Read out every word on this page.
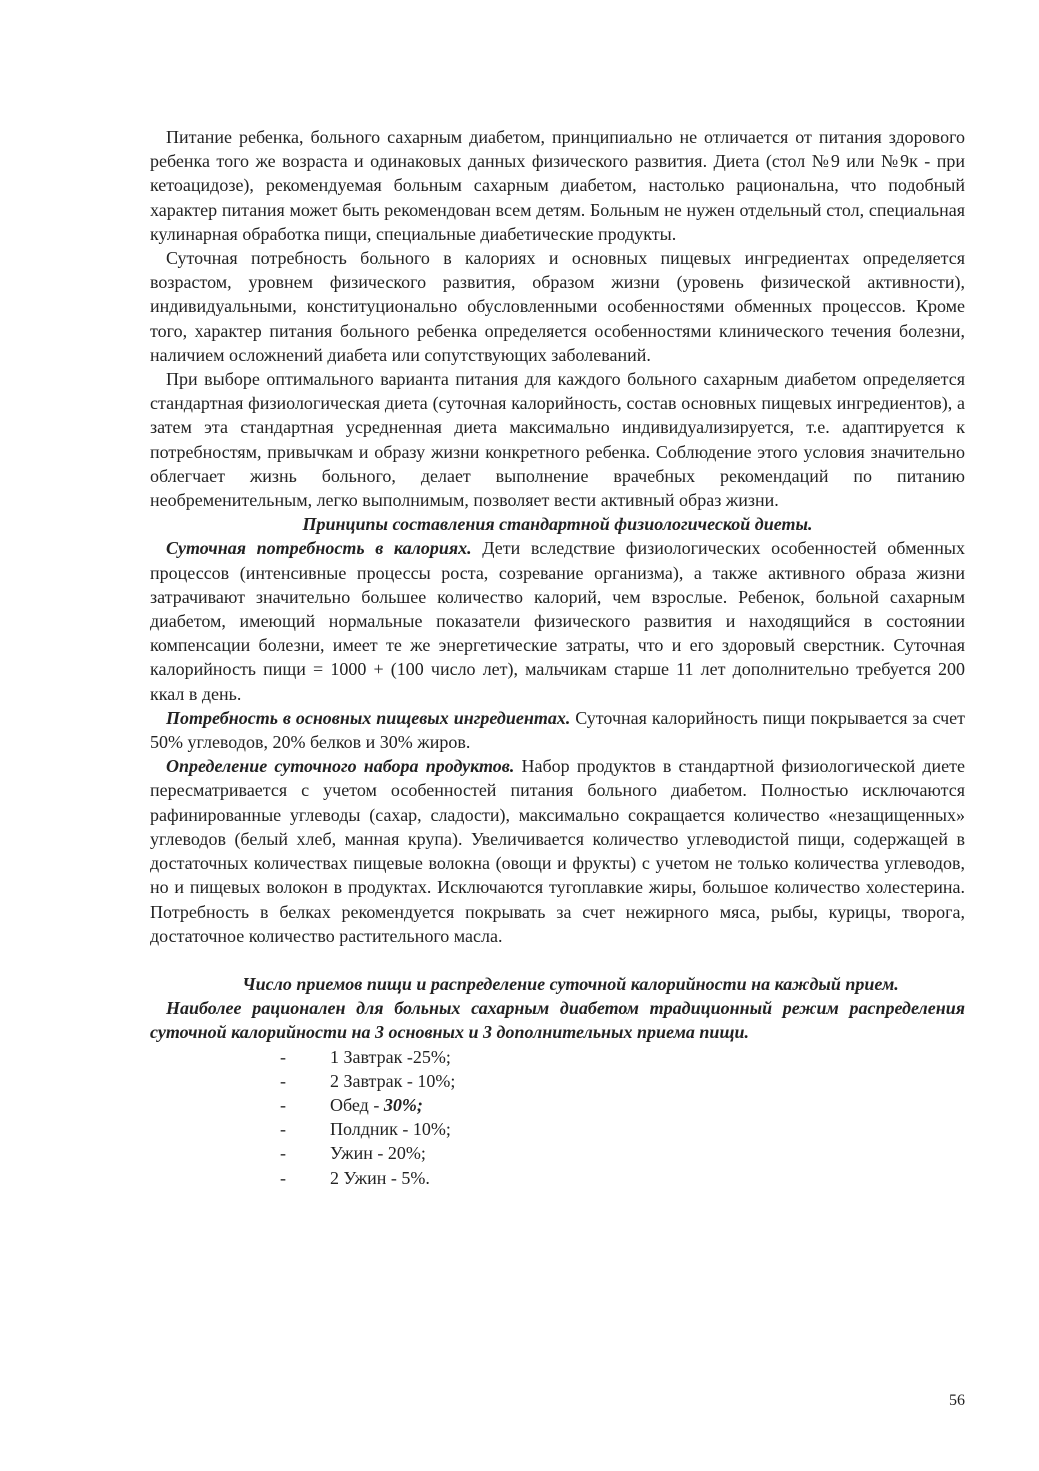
Питание ребенка, больного сахарным диабетом, принципиально не отличается от питания здорового ребенка того же возраста и одинаковых данных физического развития. Диета (стол №9 или №9к - при кетоацидозе), рекомендуемая больным сахарным диабетом, настолько рациональна, что подобный характер питания может быть рекомендован всем детям. Больным не нужен отдельный стол, специальная кулинарная обработка пищи, специальные диабетические продукты.

Суточная потребность больного в калориях и основных пищевых ингредиентах определяется возрастом, уровнем физического развития, образом жизни (уровень физической активности), индивидуальными, конституционально обусловленными особенностями обменных процессов. Кроме того, характер питания больного ребенка определяется особенностями клинического течения болезни, наличием осложнений диабета или сопутствующих заболеваний.

При выборе оптимального варианта питания для каждого больного сахарным диабетом определяется стандартная физиологическая диета (суточная калорийность, состав основных пищевых ингредиентов), а затем эта стандартная усредненная диета максимально индивидуализируется, т.е. адаптируется к потребностям, привычкам и образу жизни конкретного ребенка. Соблюдение этого условия значительно облегчает жизнь больного, делает выполнение врачебных рекомендаций по питанию необременительным, легко выполнимым, позволяет вести активный образ жизни.

Принципы составления стандартной физиологической диеты.

Суточная потребность в калориях. Дети вследствие физиологических особенностей обменных процессов (интенсивные процессы роста, созревание организма), а также активного образа жизни затрачивают значительно большее количество калорий, чем взрослые. Ребенок, больной сахарным диабетом, имеющий нормальные показатели физического развития и находящийся в состоянии компенсации болезни, имеет те же энергетические затраты, что и его здоровый сверстник. Суточная калорийность пищи = 1000 + (100 число лет), мальчикам старше 11 лет дополнительно требуется 200 ккал в день.

Потребность в основных пищевых ингредиентах. Суточная калорийность пищи покрывается за счет 50% углеводов, 20% белков и 30% жиров.

Определение суточного набора продуктов. Набор продуктов в стандартной физиологической диете пересматривается с учетом особенностей питания больного диабетом. Полностью исключаются рафинированные углеводы (сахар, сладости), максимально сокращается количество «незащищенных» углеводов (белый хлеб, манная крупа). Увеличивается количество углеводистой пищи, содержащей в достаточных количествах пищевые волокна (овощи и фрукты) с учетом не только количества углеводов, но и пищевых волокон в продуктах. Исключаются тугоплавкие жиры, большое количество холестерина. Потребность в белках рекомендуется покрывать за счет нежирного мяса, рыбы, курицы, творога, достаточное количество растительного масла.

Число приемов пищи и распределение суточной калорийности на каждый прием.

Наиболее рационален для больных сахарным диабетом традиционный режим распределения суточной калорийности на 3 основных и 3 дополнительных приема пищи.

- 1 Завтрак -25%;
- 2 Завтрак - 10%;
- Обед - 30%;
- Полдник - 10%;
- Ужин - 20%;
- 2 Ужин - 5%.
56
